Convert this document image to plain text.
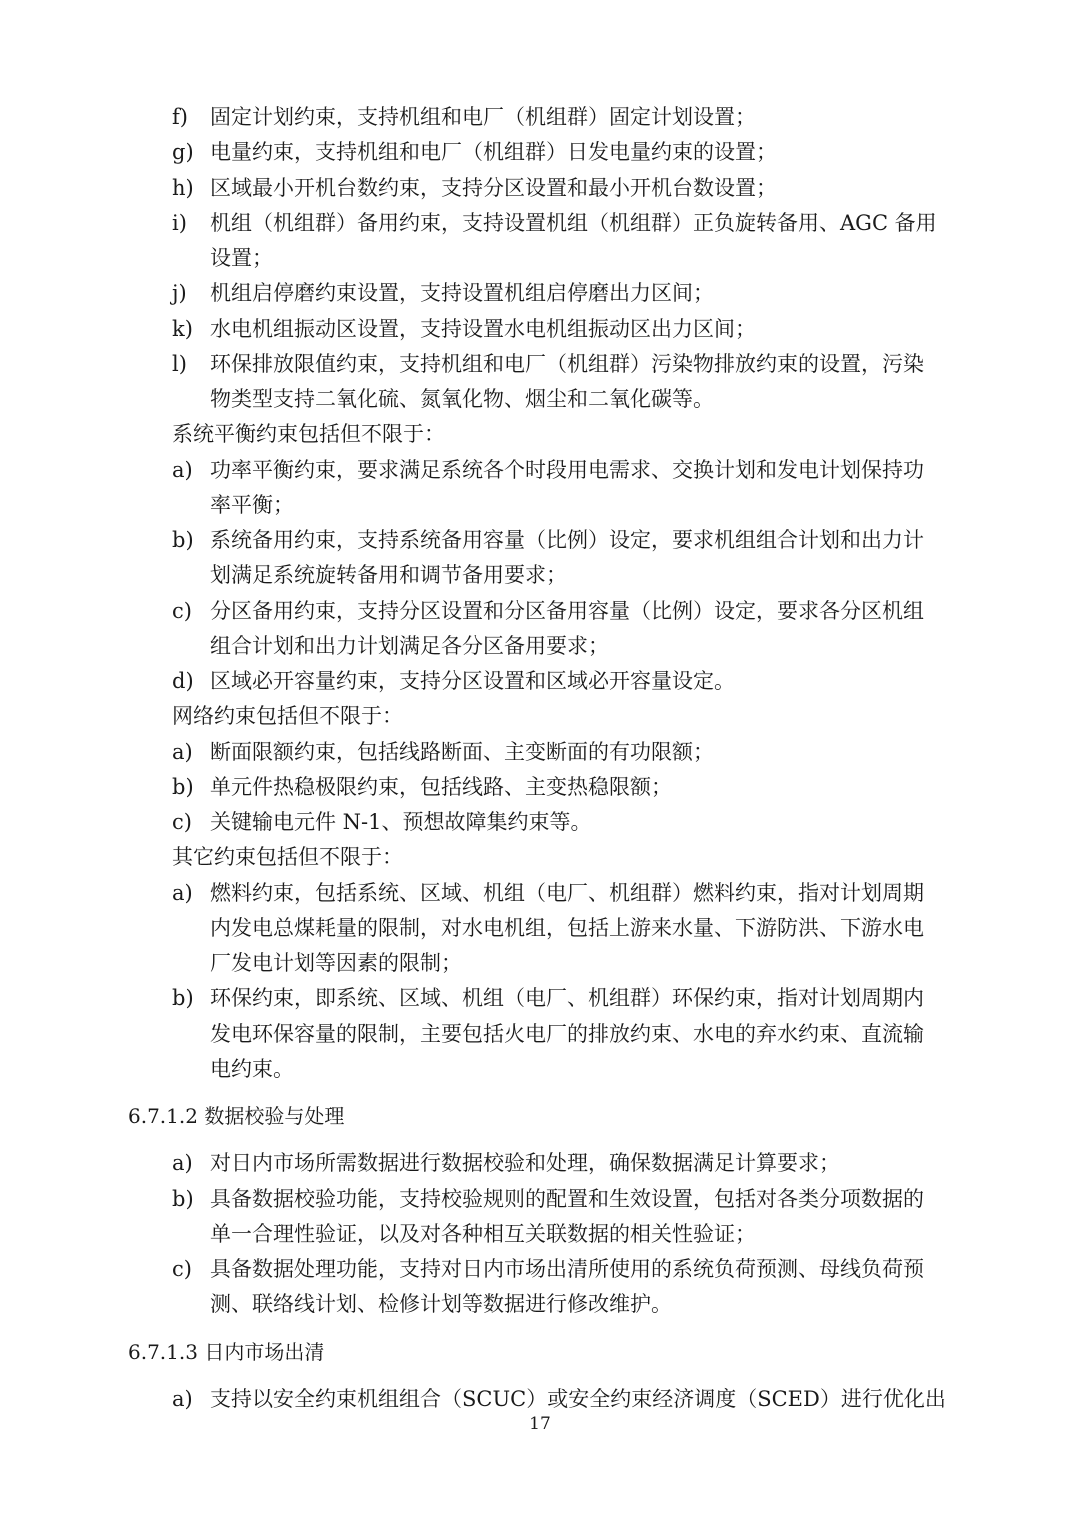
f) 固定计划约束，支持机组和电厂（机组群）固定计划设置；
g) 电量约束，支持机组和电厂（机组群）日发电量约束的设置；
h) 区域最小开机台数约束，支持分区设置和最小开机台数设置；
i) 机组（机组群）备用约束，支持设置机组（机组群）正负旋转备用、AGC 备用
设置；
j) 机组启停磨约束设置，支持设置机组启停磨出力区间；
k) 水电机组振动区设置，支持设置水电机组振动区出力区间；
l) 环保排放限值约束，支持机组和电厂（机组群）污染物排放约束的设置，污染
物类型支持二氧化硫、氮氧化物、烟尘和二氧化碳等。
系统平衡约束包括但不限于：
a) 功率平衡约束，要求满足系统各个时段用电需求、交换计划和发电计划保持功
率平衡；
b) 系统备用约束，支持系统备用容量（比例）设定，要求机组组合计划和出力计
划满足系统旋转备用和调节备用要求；
c) 分区备用约束，支持分区设置和分区备用容量（比例）设定，要求各分区机组
组合计划和出力计划满足各分区备用要求；
d) 区域必开容量约束，支持分区设置和区域必开容量设定。
网络约束包括但不限于：
a) 断面限额约束，包括线路断面、主变断面的有功限额；
b) 单元件热稳极限约束，包括线路、主变热稳限额；
c) 关键输电元件 N-1、预想故障集约束等。
其它约束包括但不限于：
a) 燃料约束，包括系统、区域、机组（电厂、机组群）燃料约束，指对计划周期
内发电总煤耗量的限制，对水电机组，包括上游来水量、下游防洪、下游水电
厂发电计划等因素的限制；
b) 环保约束，即系统、区域、机组（电厂、机组群）环保约束，指对计划周期内
发电环保容量的限制，主要包括火电厂的排放约束、水电的弃水约束、直流输
电约束。
6.7.1.2 数据校验与处理
a) 对日内市场所需数据进行数据校验和处理，确保数据满足计算要求；
b) 具备数据校验功能，支持校验规则的配置和生效设置，包括对各类分项数据的
单一合理性验证，以及对各种相互关联数据的相关性验证；
c) 具备数据处理功能，支持对日内市场出清所使用的系统负荷预测、母线负荷预
测、联络线计划、检修计划等数据进行修改维护。
6.7.1.3 日内市场出清
a) 支持以安全约束机组组合（SCUC）或安全约束经济调度（SCED）进行优化出
17
